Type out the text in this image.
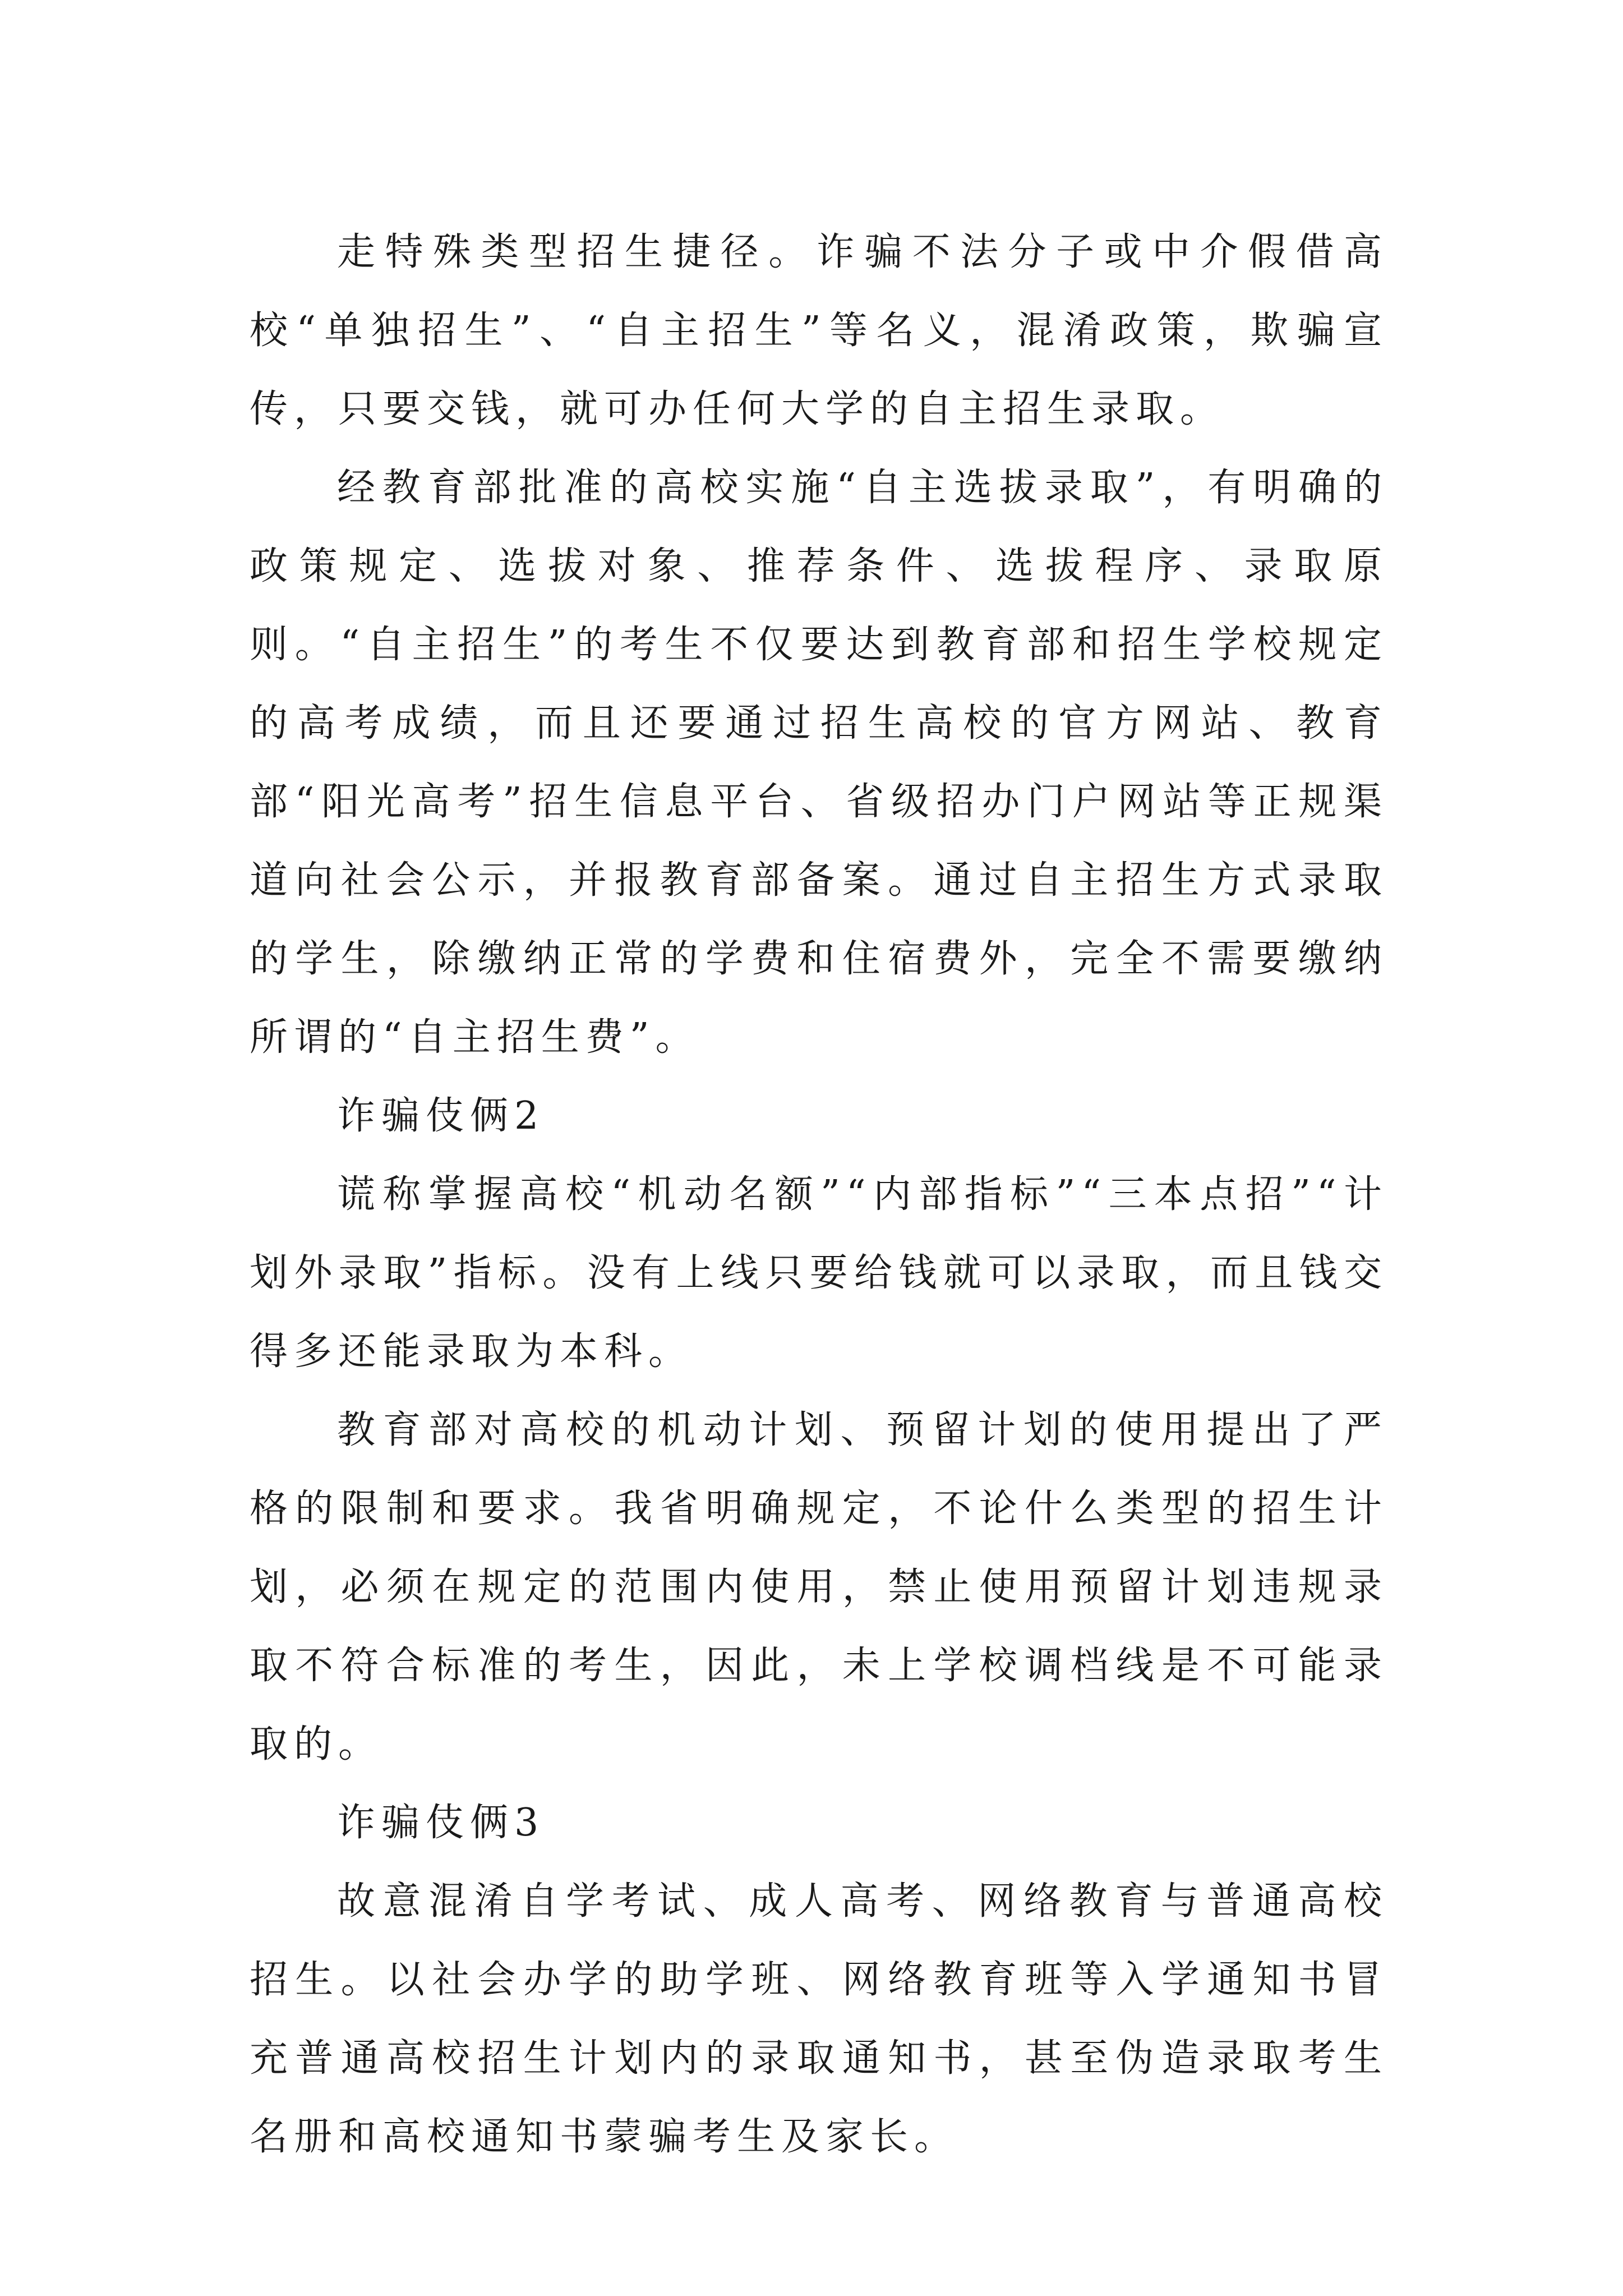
走特殊类型招生捷径。诈骗不法分子或中介假借高校“单独招生”、“自主招生”等名义，混淆政策，欺骗宣传，只要交钱，就可办任何大学的自主招生录取。

经教育部批准的高校实施“自主选拔录取”，有明确的政策规定、选拔对象、推荐条件、选拔程序、录取原则。“自主招生”的考生不仅要达到教育部和招生学校规定的高考成绩，而且还要通过招生高校的官方网站、教育部“阳光高考”招生信息平台、省级招办门户网站等正规渠道向社会公示，并报教育部备案。通过自主招生方式录取的学生，除缴纳正常的学费和住宿费外，完全不需要缴纳所谓的“自主招生费”。

诈骗伎俩2

谎称掌握高校“机动名额”“内部指标”“三本点招”“计划外录取”指标。没有上线只要给钱就可以录取，而且钱交得多还能录取为本科。

教育部对高校的机动计划、预留计划的使用提出了严格的限制和要求。我省明确规定，不论什么类型的招生计划，必须在规定的范围内使用，禁止使用预留计划违规录取不符合标准的考生，因此，未上学校调档线是不可能录取的。

诈骗伎俩3

故意混淆自学考试、成人高考、网络教育与普通高校招生。以社会办学的助学班、网络教育班等入学通知书冒充普通高校招生计划内的录取通知书，甚至伪造录取考生名册和高校通知书蒙骗考生及家长。
